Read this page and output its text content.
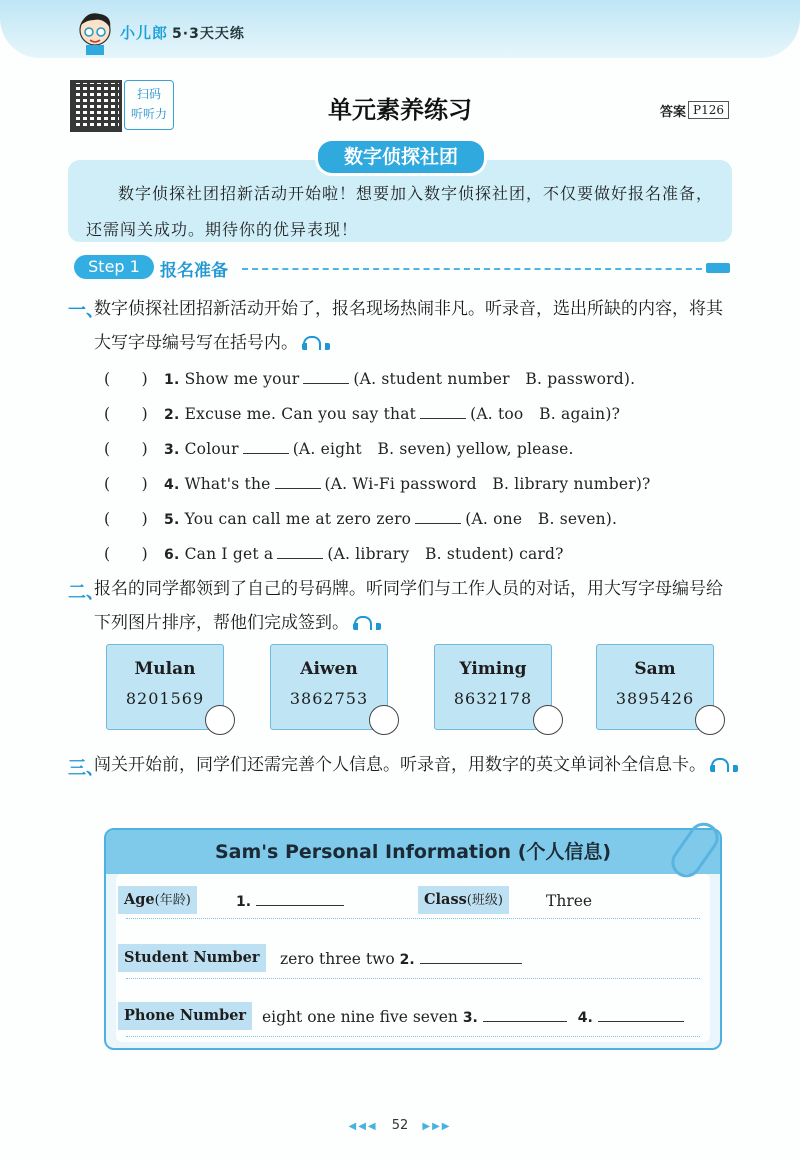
小儿郎 5·3天天练
扫码
听听力	单元素养练习	答案 P126
数字侦探社团
数字侦探社团招新活动开始啦！想要加入数字侦探社团，不仅要做好报名准备，还需闯关成功。期待你的优异表现！
Step 1	报名准备
一、
数字侦探社团招新活动开始了，报名现场热闹非凡。听录音，选出所缺的内容，将其大写字母编号写在括号内。
(　　) 1. Show me your	(A. student number　B. password).
(　　) 2. Excuse me. Can you say that	(A. too　B. again)?
(　　) 3. Colour	(A. eight　B. seven) yellow, please.
(　　) 4. What's the	(A. Wi-Fi password　B. library number)?
(　　) 5. You can call me at zero zero	(A. one　B. seven).
(　　) 6. Can I get a	(A. library　B. student) card?
二、
报名的同学都领到了自己的号码牌。听同学们与工作人员的对话，用大写字母编号给下列图片排序，帮他们完成签到。
Mulan
8201569
Aiwen
3862753
Yiming
8632178
Sam
3895426
三、
闯关开始前，同学们还需完善个人信息。听录音，用数字的英文单词补全信息卡。
Sam's Personal Information (个人信息)
Age(年龄)	1.	Class(班级)	Three
Student Number	zero three two 2.
Phone Number	eight one nine five seven 3.	4.
◀◀◀ 52 ▶▶▶
